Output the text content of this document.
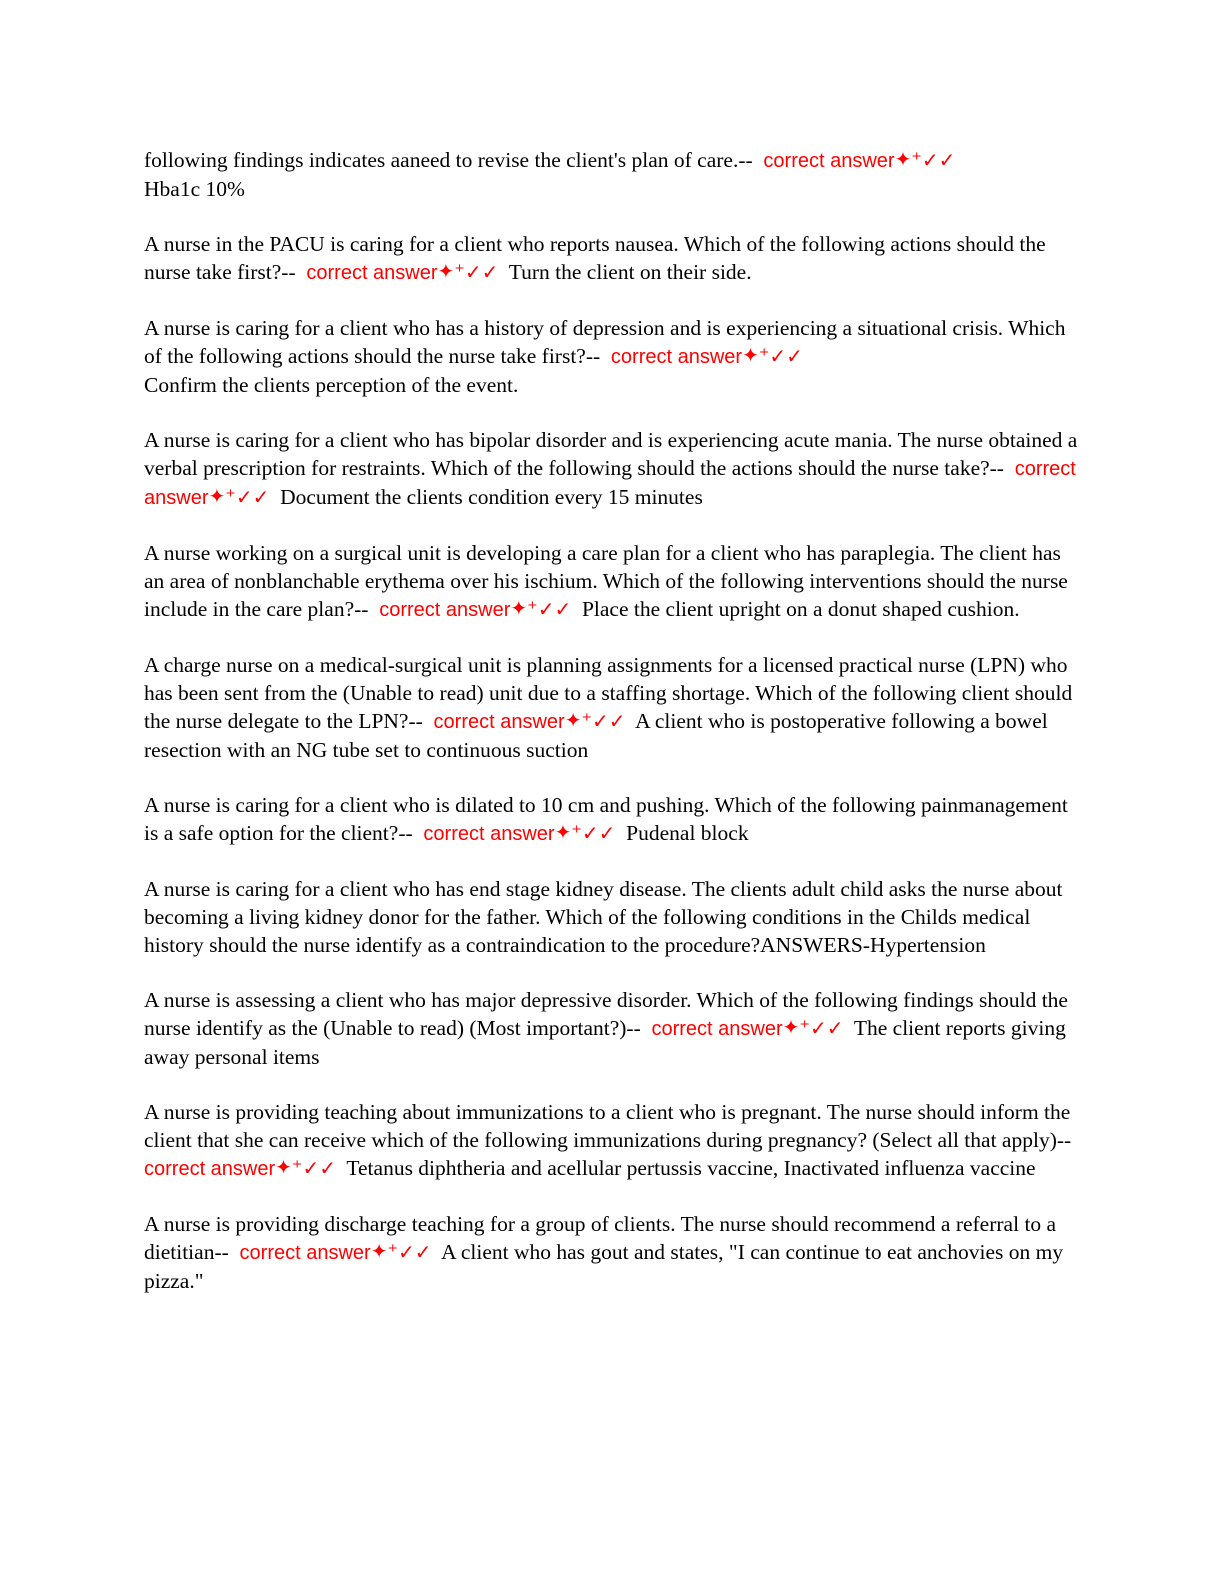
following findings indicates aaneed to revise the client's plan of care.-- correct answer✦⁺✓✓
Hba1c 10%

A nurse in the PACU is caring for a client who reports nausea. Which of the following actions should the nurse take first?-- correct answer✦⁺✓✓ Turn the client on their side.

A nurse is caring for a client who has a history of depression and is experiencing a situational crisis. Which of the following actions should the nurse take first?-- correct answer✦⁺✓✓
Confirm the clients perception of the event.

A nurse is caring for a client who has bipolar disorder and is experiencing acute mania. The nurse obtained a verbal prescription for restraints. Which of the following should the actions should the nurse take?-- correct answer✦⁺✓✓ Document the clients condition every 15 minutes

A nurse working on a surgical unit is developing a care plan for a client who has paraplegia. The client has an area of nonblanchable erythema over his ischium. Which of the following interventions should the nurse include in the care plan?-- correct answer✦⁺✓✓ Place the client upright on a donut shaped cushion.

A charge nurse on a medical-surgical unit is planning assignments for a licensed practical nurse (LPN) who has been sent from the (Unable to read) unit due to a staffing shortage. Which of the following client should the nurse delegate to the LPN?-- correct answer✦⁺✓✓ A client who is postoperative following a bowel resection with an NG tube set to continuous suction

A nurse is caring for a client who is dilated to 10 cm and pushing. Which of the following painmanagement is a safe option for the client?-- correct answer✦⁺✓✓ Pudenal block

A nurse is caring for a client who has end stage kidney disease. The clients adult child asks the nurse about becoming a living kidney donor for the father. Which of the following conditions in the Childs medical history should the nurse identify as a contraindication to the procedure?ANSWERS-Hypertension

A nurse is assessing a client who has major depressive disorder. Which of the following findings should the nurse identify as the (Unable to read) (Most important?)-- correct answer✦⁺✓✓ The client reports giving away personal items

A nurse is providing teaching about immunizations to a client who is pregnant. The nurse should inform the client that she can receive which of the following immunizations during pregnancy? (Select all that apply)--  correct answer✦⁺✓✓ Tetanus diphtheria and acellular pertussis vaccine, Inactivated influenza vaccine

A nurse is providing discharge teaching for a group of clients. The nurse should recommend a referral to a dietitian-- correct answer✦⁺✓✓ A client who has gout and states, "I can continue to eat anchovies on my pizza."
